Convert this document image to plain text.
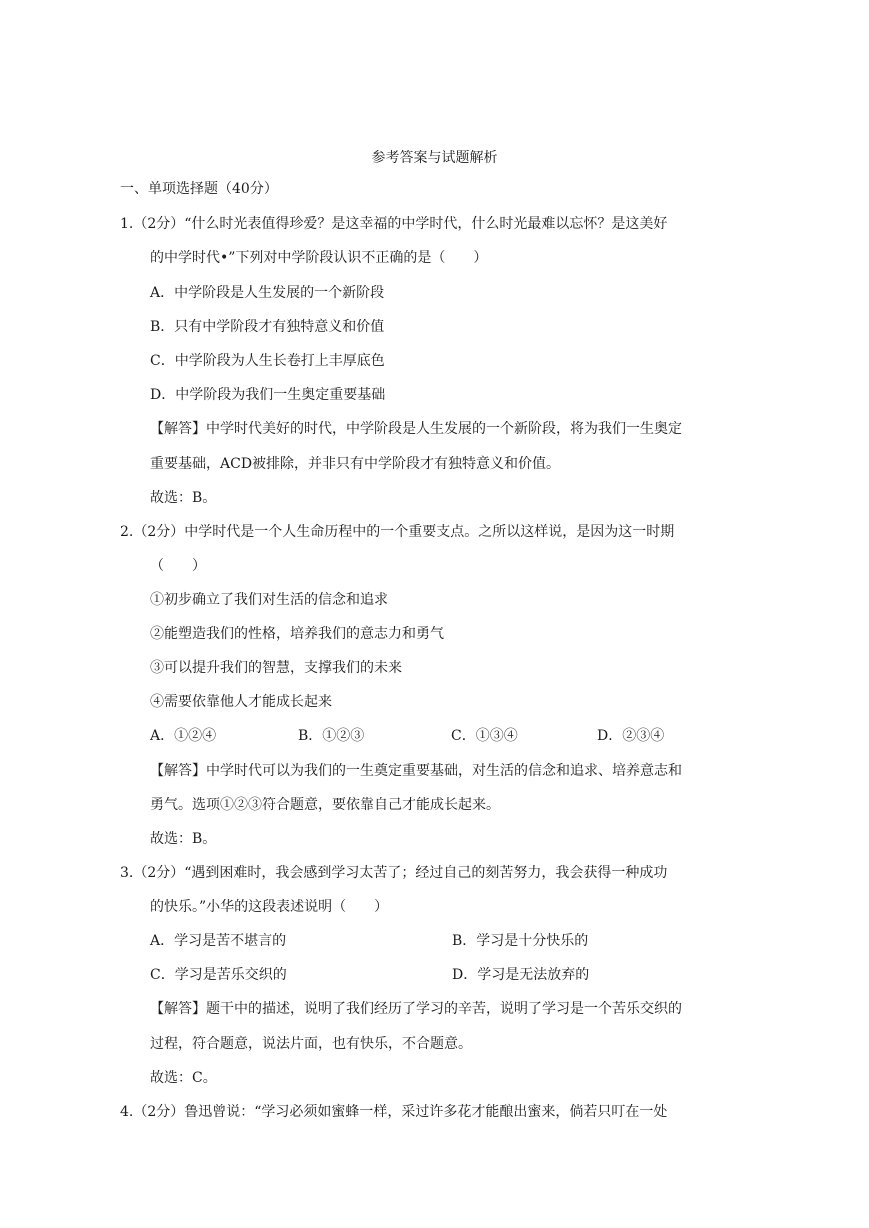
参考答案与试题解析
一、单项选择题（40分）
1.（2分）“什么时光表值得珍爱？是这幸福的中学时代，什么时光最难以忘怀？是这美好
的中学时代•”下列对中学阶段认识不正确的是（　　）
A．中学阶段是人生发展的一个新阶段
B．只有中学阶段才有独特意义和价值
C．中学阶段为人生长卷打上丰厚底色
D．中学阶段为我们一生奥定重要基础
【解答】中学时代美好的时代，中学阶段是人生发展的一个新阶段，将为我们一生奥定
重要基础，ACD被排除，并非只有中学阶段才有独特意义和价值。
故选：B。
2.（2分）中学时代是一个人生命历程中的一个重要支点。之所以这样说，是因为这一时期
（　　）
①初步确立了我们对生活的信念和追求
②能塑造我们的性格，培养我们的意志力和勇气
③可以提升我们的智慧，支撑我们的未来
④需要依靠他人才能成长起来
A．①②④	B．①②③	C．①③④	D．②③④
【解答】中学时代可以为我们的一生奠定重要基础，对生活的信念和追求、培养意志和
勇气。选项①②③符合题意，要依靠自己才能成长起来。
故选：B。
3.（2分）“遇到困难时，我会感到学习太苦了；经过自己的刻苦努力，我会获得一种成功
的快乐。”小华的这段表述说明（　　）
A．学习是苦不堪言的	B．学习是十分快乐的
C．学习是苦乐交织的	D．学习是无法放弃的
【解答】题干中的描述，说明了我们经历了学习的辛苦，说明了学习是一个苦乐交织的
过程，符合题意，说法片面，也有快乐，不合题意。
故选：C。
4.（2分）鲁迅曾说：“学习必须如蜜蜂一样，采过许多花才能酿出蜜来，倘若只叮在一处
